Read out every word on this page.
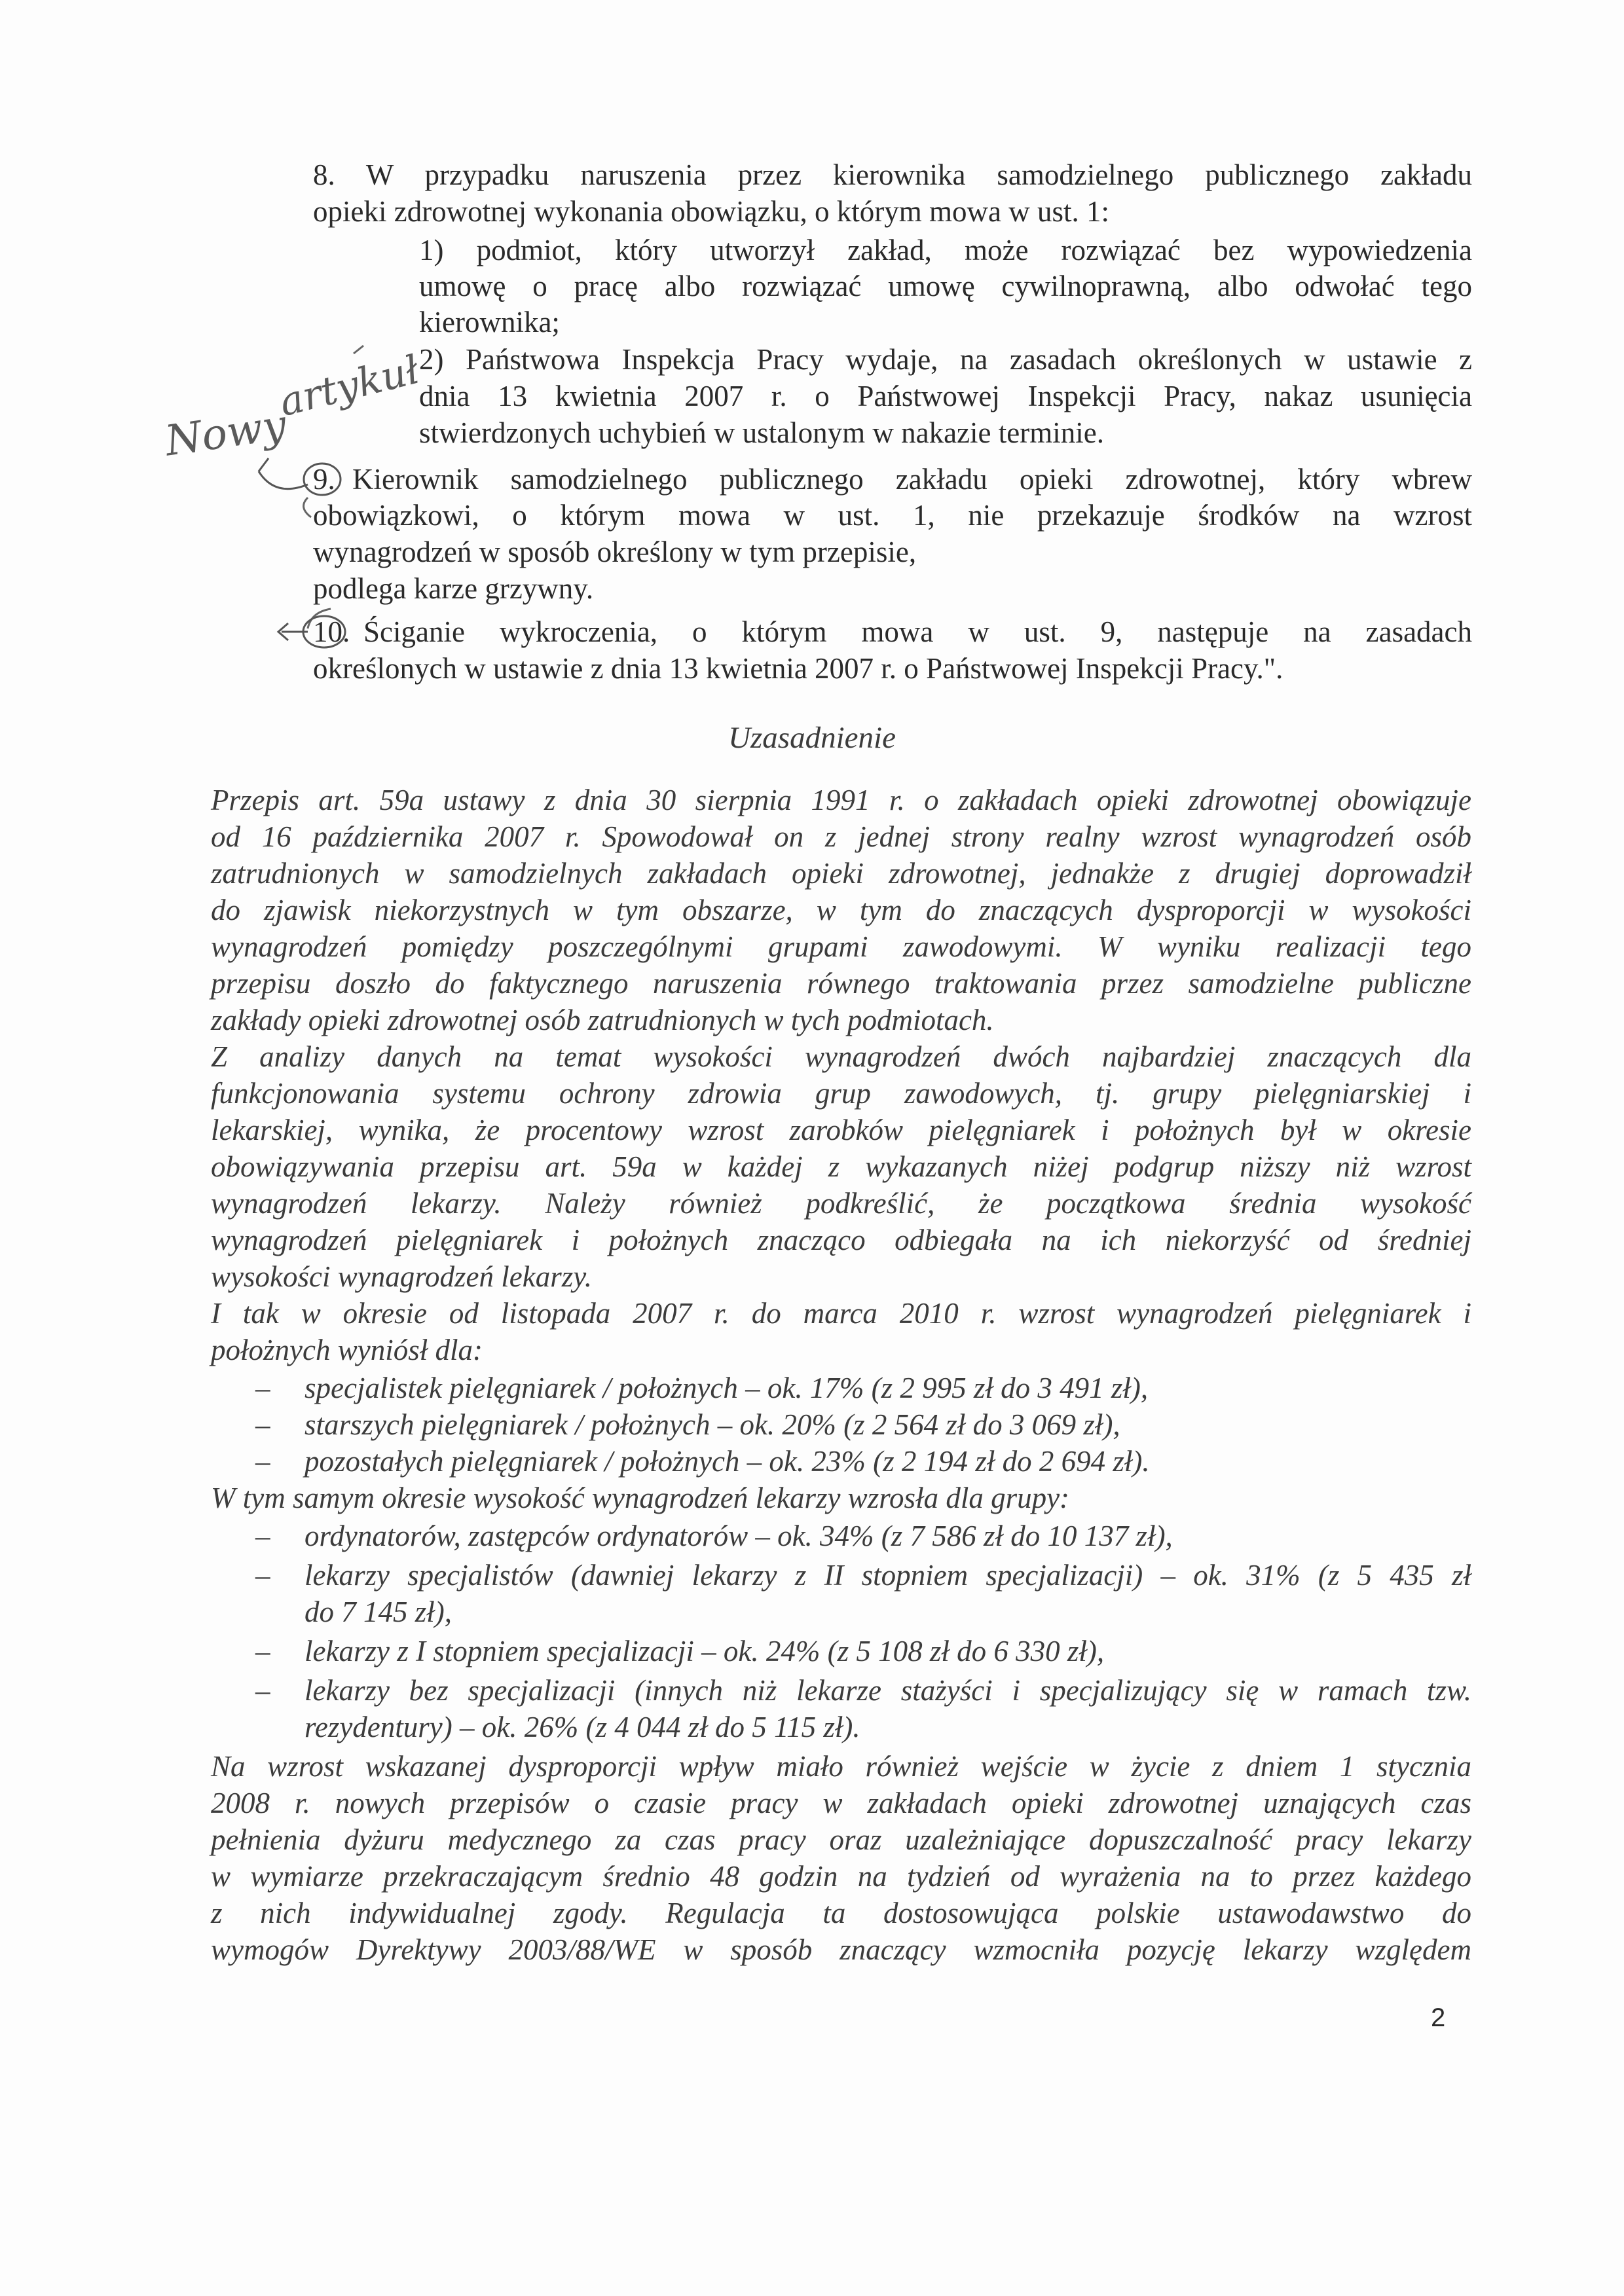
Nowy
artykuł
8. W przypadku naruszenia przez kierownika samodzielnego publicznego zakładu
opieki zdrowotnej wykonania obowiązku, o którym mowa w ust. 1:
1) podmiot, który utworzył zakład, może rozwiązać bez wypowiedzenia
umowę o pracę albo rozwiązać umowę cywilnoprawną, albo odwołać tego
kierownika;
2) Państwowa Inspekcja Pracy wydaje, na zasadach określonych w ustawie z
dnia 13 kwietnia 2007 r. o Państwowej Inspekcji Pracy, nakaz usunięcia
stwierdzonych uchybień w ustalonym w nakazie terminie.
9. Kierownik samodzielnego publicznego zakładu opieki zdrowotnej, który wbrew
obowiązkowi, o którym mowa w ust. 1, nie przekazuje środków na wzrost
wynagrodzeń w sposób określony w tym przepisie,
podlega karze grzywny.
10. Ściganie wykroczenia, o którym mowa w ust. 9, następuje na zasadach
określonych w ustawie z dnia 13 kwietnia 2007 r. o Państwowej Inspekcji Pracy.".
Uzasadnienie
Przepis art. 59a ustawy z dnia 30 sierpnia 1991 r. o zakładach opieki zdrowotnej obowiązuje
od 16 października 2007 r. Spowodował on z jednej strony realny wzrost wynagrodzeń osób
zatrudnionych w samodzielnych zakładach opieki zdrowotnej, jednakże z drugiej doprowadził
do zjawisk niekorzystnych w tym obszarze, w tym do znaczących dysproporcji w wysokości
wynagrodzeń pomiędzy poszczególnymi grupami zawodowymi. W wyniku realizacji tego
przepisu doszło do faktycznego naruszenia równego traktowania przez samodzielne publiczne
zakłady opieki zdrowotnej osób zatrudnionych w tych podmiotach.
Z analizy danych na temat wysokości wynagrodzeń dwóch najbardziej znaczących dla
funkcjonowania systemu ochrony zdrowia grup zawodowych, tj. grupy pielęgniarskiej i
lekarskiej, wynika, że procentowy wzrost zarobków pielęgniarek i położnych był w okresie
obowiązywania przepisu art. 59a w każdej z wykazanych niżej podgrup niższy niż wzrost
wynagrodzeń lekarzy. Należy również podkreślić, że początkowa średnia wysokość
wynagrodzeń pielęgniarek i położnych znacząco odbiegała na ich niekorzyść od średniej
wysokości wynagrodzeń lekarzy.
I tak w okresie od listopada 2007 r. do marca 2010 r. wzrost wynagrodzeń pielęgniarek i
położnych wyniósł dla:
– specjalistek pielęgniarek / położnych – ok. 17% (z 2 995 zł do 3 491 zł),
– starszych pielęgniarek / położnych – ok. 20% (z 2 564 zł do 3 069 zł),
– pozostałych pielęgniarek / położnych – ok. 23% (z 2 194 zł do 2 694 zł).
W tym samym okresie wysokość wynagrodzeń lekarzy wzrosła dla grupy:
– ordynatorów, zastępców ordynatorów – ok. 34% (z 7 586 zł do 10 137 zł),
– lekarzy specjalistów (dawniej lekarzy z II stopniem specjalizacji) – ok. 31% (z 5 435 zł
do 7 145 zł),
– lekarzy z I stopniem specjalizacji – ok. 24% (z 5 108 zł do 6 330 zł),
– lekarzy bez specjalizacji (innych niż lekarze stażyści i specjalizujący się w ramach tzw.
rezydentury) – ok. 26% (z 4 044 zł do 5 115 zł).
Na wzrost wskazanej dysproporcji wpływ miało również wejście w życie z dniem 1 stycznia
2008 r. nowych przepisów o czasie pracy w zakładach opieki zdrowotnej uznających czas
pełnienia dyżuru medycznego za czas pracy oraz uzależniające dopuszczalność pracy lekarzy
w wymiarze przekraczającym średnio 48 godzin na tydzień od wyrażenia na to przez każdego
z nich indywidualnej zgody. Regulacja ta dostosowująca polskie ustawodawstwo do
wymogów Dyrektywy 2003/88/WE w sposób znaczący wzmocniła pozycję lekarzy względem
2
